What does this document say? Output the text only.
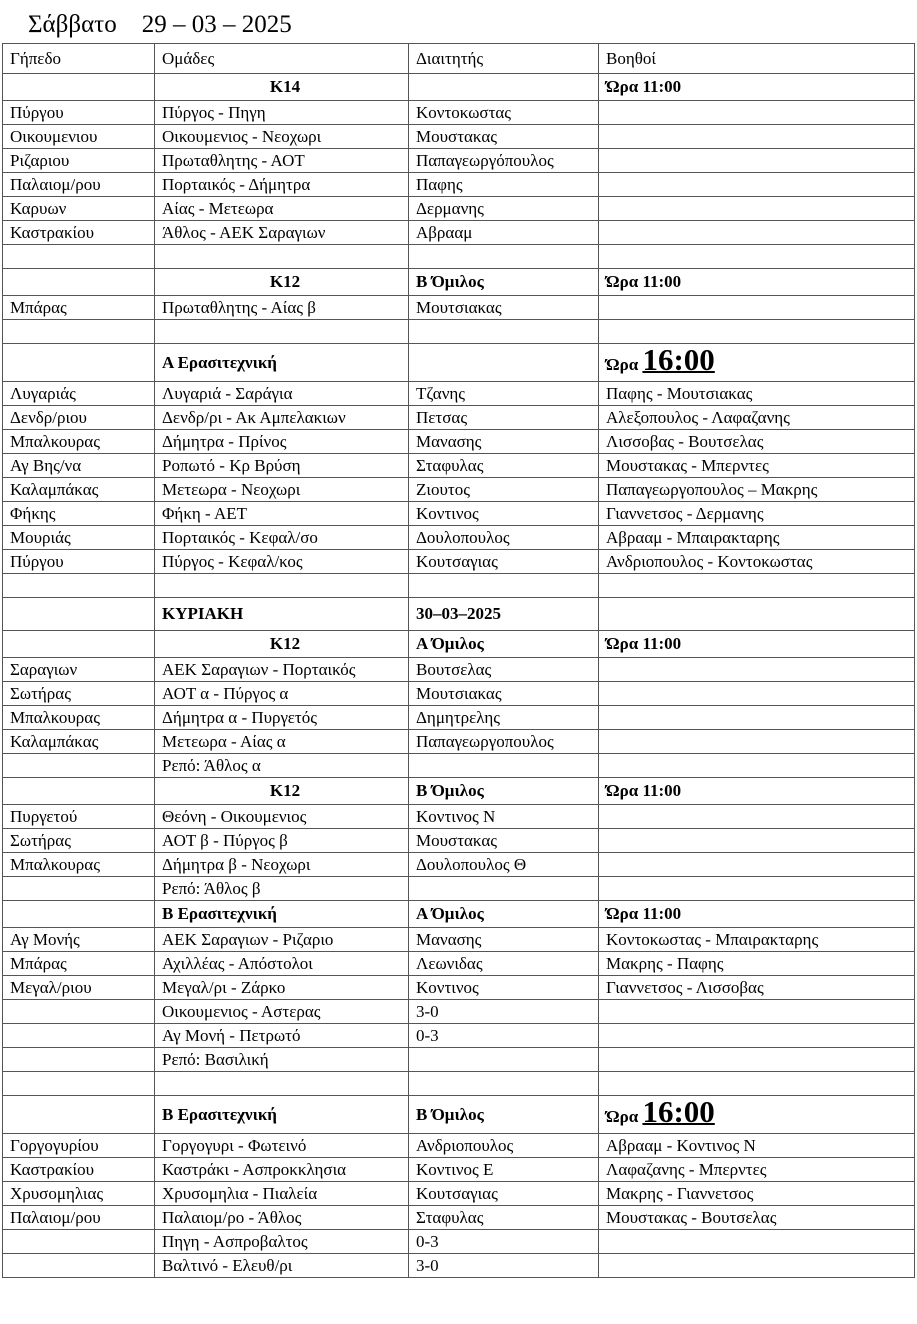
Σάββατο    29 – 03 – 2025
Γήπεδο	Ομάδες	Διαιτητής	Βοηθοί
	Κ14		Ώρα 11:00
Πύργου	Πύργος - Πηγη	Κοντοκωστας	
Οικουμενιου	Οικουμενιος - Νεοχωρι	Μουστακας	
Ριζαριου	Πρωταθλητης - ΑΟΤ	Παπαγεωργόπουλος	
Παλαιομ/ρου	Πορταικός - Δήμητρα	Παφης	
Καρυων	Αίας - Μετεωρα	Δερμανης	
Καστρακίου	Άθλος - ΑΕΚ Σαραγιων	Αβρααμ	

	Κ12	Β Όμιλος	Ώρα 11:00
Μπάρας	Πρωταθλητης - Αίας β	Μουτσιακας	

	Α Ερασιτεχνική		Ώρα 16:00
Λυγαριάς	Λυγαριά - Σαράγια	Τζανης	Παφης - Μουτσιακας
Δενδρ/ριου	Δενδρ/ρι - Ακ Αμπελακιων	Πετσας	Αλεξοπουλος - Λαφαζανης
Μπαλκουρας	Δήμητρα - Πρίνος	Μανασης	Λισσοβας - Βουτσελας
Αγ Βης/να	Ροπωτό - Κρ Βρύση	Σταφυλας	Μουστακας - Μπερντες
Καλαμπάκας	Μετεωρα - Νεοχωρι	Ζιουτος	Παπαγεωργοπουλος – Μακρης
Φήκης	Φήκη - ΑΕΤ	Κοντινος	Γιαννετσος - Δερμανης
Μουριάς	Πορταικός - Κεφαλ/σο	Δουλοπουλος	Αβρααμ - Μπαιρακταρης
Πύργου	Πύργος - Κεφαλ/κος	Κουτσαγιας	Ανδριοπουλος - Κοντοκωστας

	ΚΥΡΙΑΚΗ	30–03–2025	
	Κ12	Α Όμιλος	Ώρα 11:00
Σαραγιων	ΑΕΚ Σαραγιων - Πορταικός	Βουτσελας	
Σωτήρας	ΑΟΤ α - Πύργος α	Μουτσιακας	
Μπαλκουρας	Δήμητρα α - Πυργετός	Δημητρελης	
Καλαμπάκας	Μετεωρα - Αίας α	Παπαγεωργοπουλος	
	Ρεπό: Άθλος α		
	Κ12	Β Όμιλος	Ώρα 11:00
Πυργετού	Θεόνη - Οικουμενιος	Κοντινος Ν	
Σωτήρας	ΑΟΤ β - Πύργος β	Μουστακας	
Μπαλκουρας	Δήμητρα β - Νεοχωρι	Δουλοπουλος Θ	
	Ρεπό: Άθλος β		
	Β Ερασιτεχνική	Α Όμιλος	Ώρα 11:00
Αγ Μονής	ΑΕΚ Σαραγιων - Ριζαριο	Μανασης	Κοντοκωστας - Μπαιρακταρης
Μπάρας	Αχιλλέας - Απόστολοι	Λεωνιδας	Μακρης - Παφης
Μεγαλ/ριου	Μεγαλ/ρι - Ζάρκο	Κοντινος	Γιαννετσος - Λισσοβας
	Οικουμενιος - Αστερας	3-0	
	Αγ Μονή - Πετρωτό	0-3	
	Ρεπό: Βασιλική		

	Β Ερασιτεχνική	Β Όμιλος	Ώρα 16:00
Γοργογυρίου	Γοργογυρι - Φωτεινό	Ανδριοπουλος	Αβρααμ - Κοντινος Ν
Καστρακίου	Καστράκι - Ασπροκκλησια	Κοντινος Ε	Λαφαζανης - Μπερντες
Χρυσομηλιας	Χρυσομηλια - Πιαλεία	Κουτσαγιας	Μακρης - Γιαννετσος
Παλαιομ/ρου	Παλαιομ/ρο - Άθλος	Σταφυλας	Μουστακας - Βουτσελας
	Πηγη - Ασπροβαλτος	0-3	
	Βαλτινό - Ελευθ/ρι	3-0	
